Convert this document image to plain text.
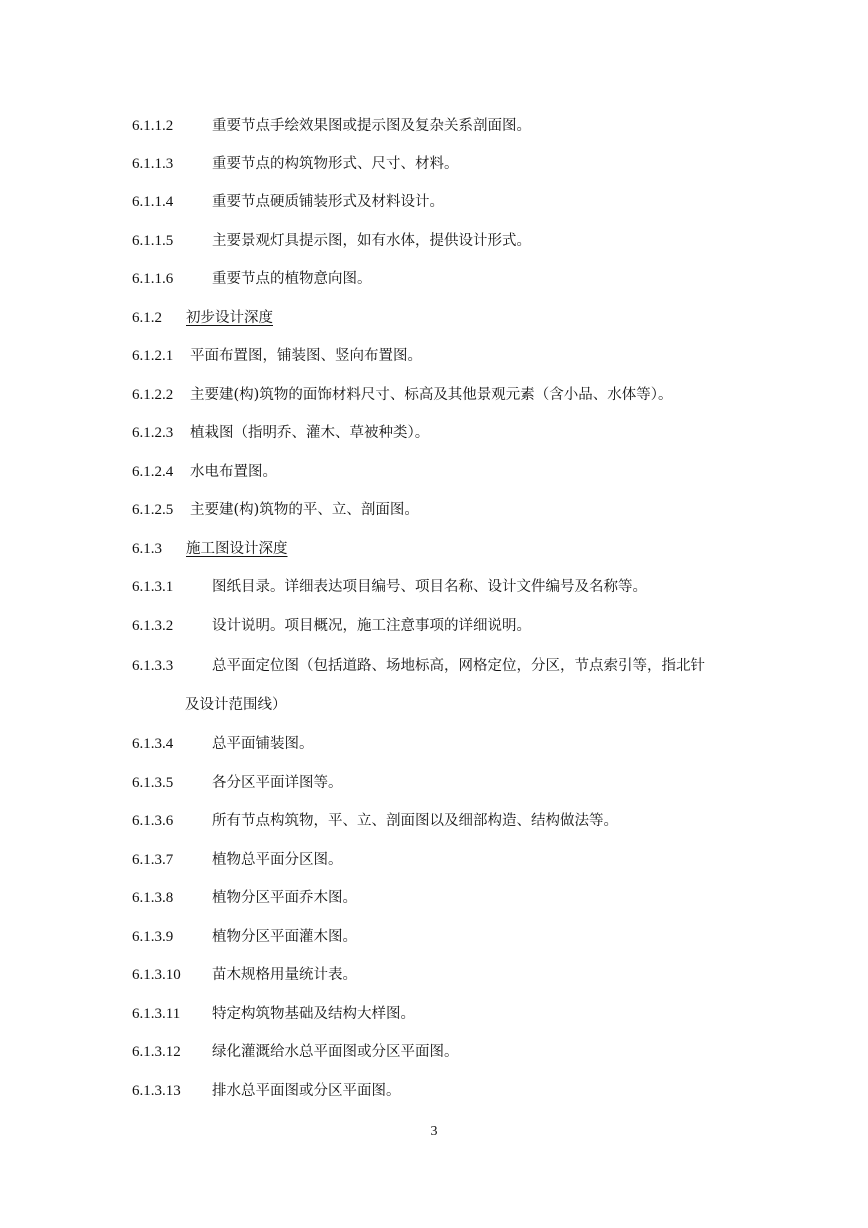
6.1.1.2	重要节点手绘效果图或提示图及复杂关系剖面图。
6.1.1.3	重要节点的构筑物形式、尺寸、材料。
6.1.1.4	重要节点硬质铺装形式及材料设计。
6.1.1.5	主要景观灯具提示图，如有水体，提供设计形式。
6.1.1.6	重要节点的植物意向图。
6.1.2 初步设计深度
6.1.2.1 平面布置图，铺装图、竖向布置图。
6.1.2.2 主要建(构)筑物的面饰材料尺寸、标高及其他景观元素（含小品、水体等）。
6.1.2.3 植栽图（指明乔、灌木、草被种类）。
6.1.2.4 水电布置图。
6.1.2.5 主要建(构)筑物的平、立、剖面图。
6.1.3 施工图设计深度
6.1.3.1	图纸目录。详细表达项目编号、项目名称、设计文件编号及名称等。
6.1.3.2	设计说明。项目概况，施工注意事项的详细说明。
6.1.3.3	总平面定位图（包括道路、场地标高，网格定位，分区，节点索引等，指北针
及设计范围线）
6.1.3.4	总平面铺装图。
6.1.3.5	各分区平面详图等。
6.1.3.6	所有节点构筑物，平、立、剖面图以及细部构造、结构做法等。
6.1.3.7	植物总平面分区图。
6.1.3.8	植物分区平面乔木图。
6.1.3.9	植物分区平面灌木图。
6.1.3.10 苗木规格用量统计表。
6.1.3.11 特定构筑物基础及结构大样图。
6.1.3.12 绿化灌溉给水总平面图或分区平面图。
6.1.3.13 排水总平面图或分区平面图。
3
